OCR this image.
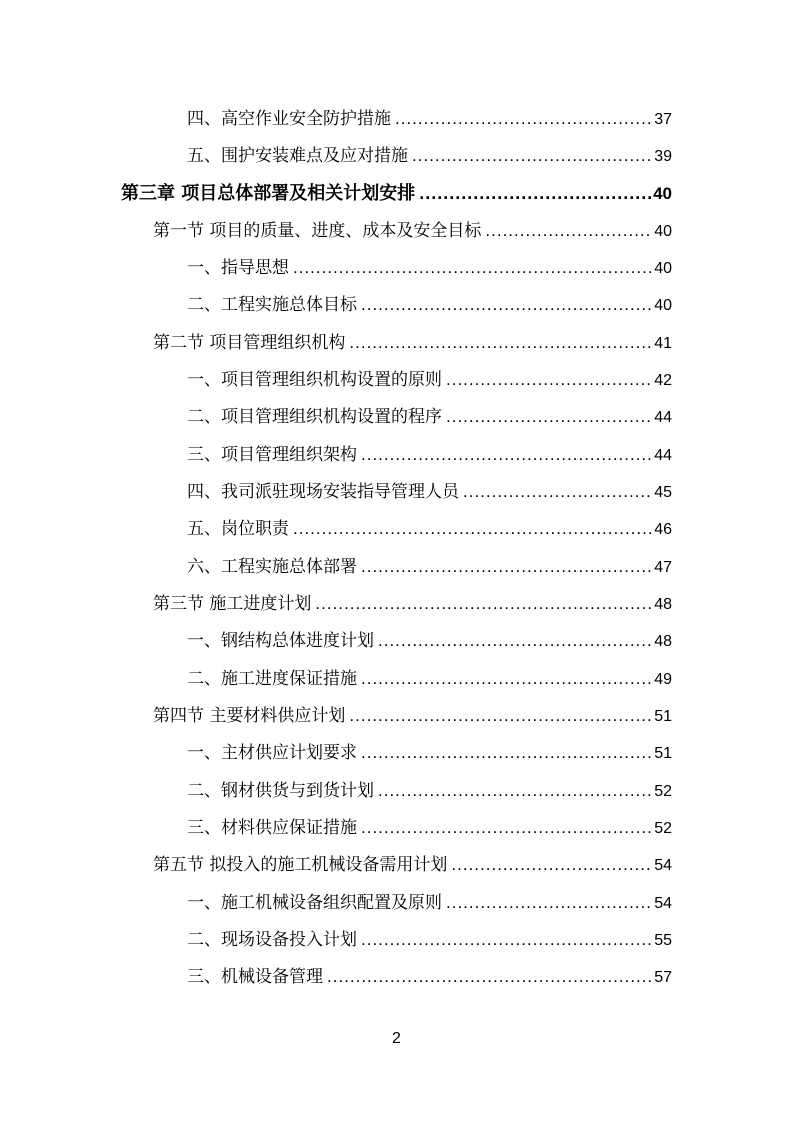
四、高空作业安全防护措施 .....	37
五、围护安装难点及应对措施 .....	39
第三章 项目总体部署及相关计划安排 .....	40
第一节 项目的质量、进度、成本及安全目标 .....	40
一、指导思想 .....	40
二、工程实施总体目标 .....	40
第二节 项目管理组织机构 .....	41
一、项目管理组织机构设置的原则 .....	42
二、项目管理组织机构设置的程序 .....	44
三、项目管理组织架构 .....	44
四、我司派驻现场安装指导管理人员 .....	45
五、岗位职责 .....	46
六、工程实施总体部署 .....	47
第三节 施工进度计划 .....	48
一、钢结构总体进度计划 .....	48
二、施工进度保证措施 .....	49
第四节 主要材料供应计划 .....	51
一、主材供应计划要求 .....	51
二、钢材供货与到货计划 .....	52
三、材料供应保证措施 .....	52
第五节 拟投入的施工机械设备需用计划 .....	54
一、施工机械设备组织配置及原则 .....	54
二、现场设备投入计划 .....	55
三、机械设备管理 .....	57
2
